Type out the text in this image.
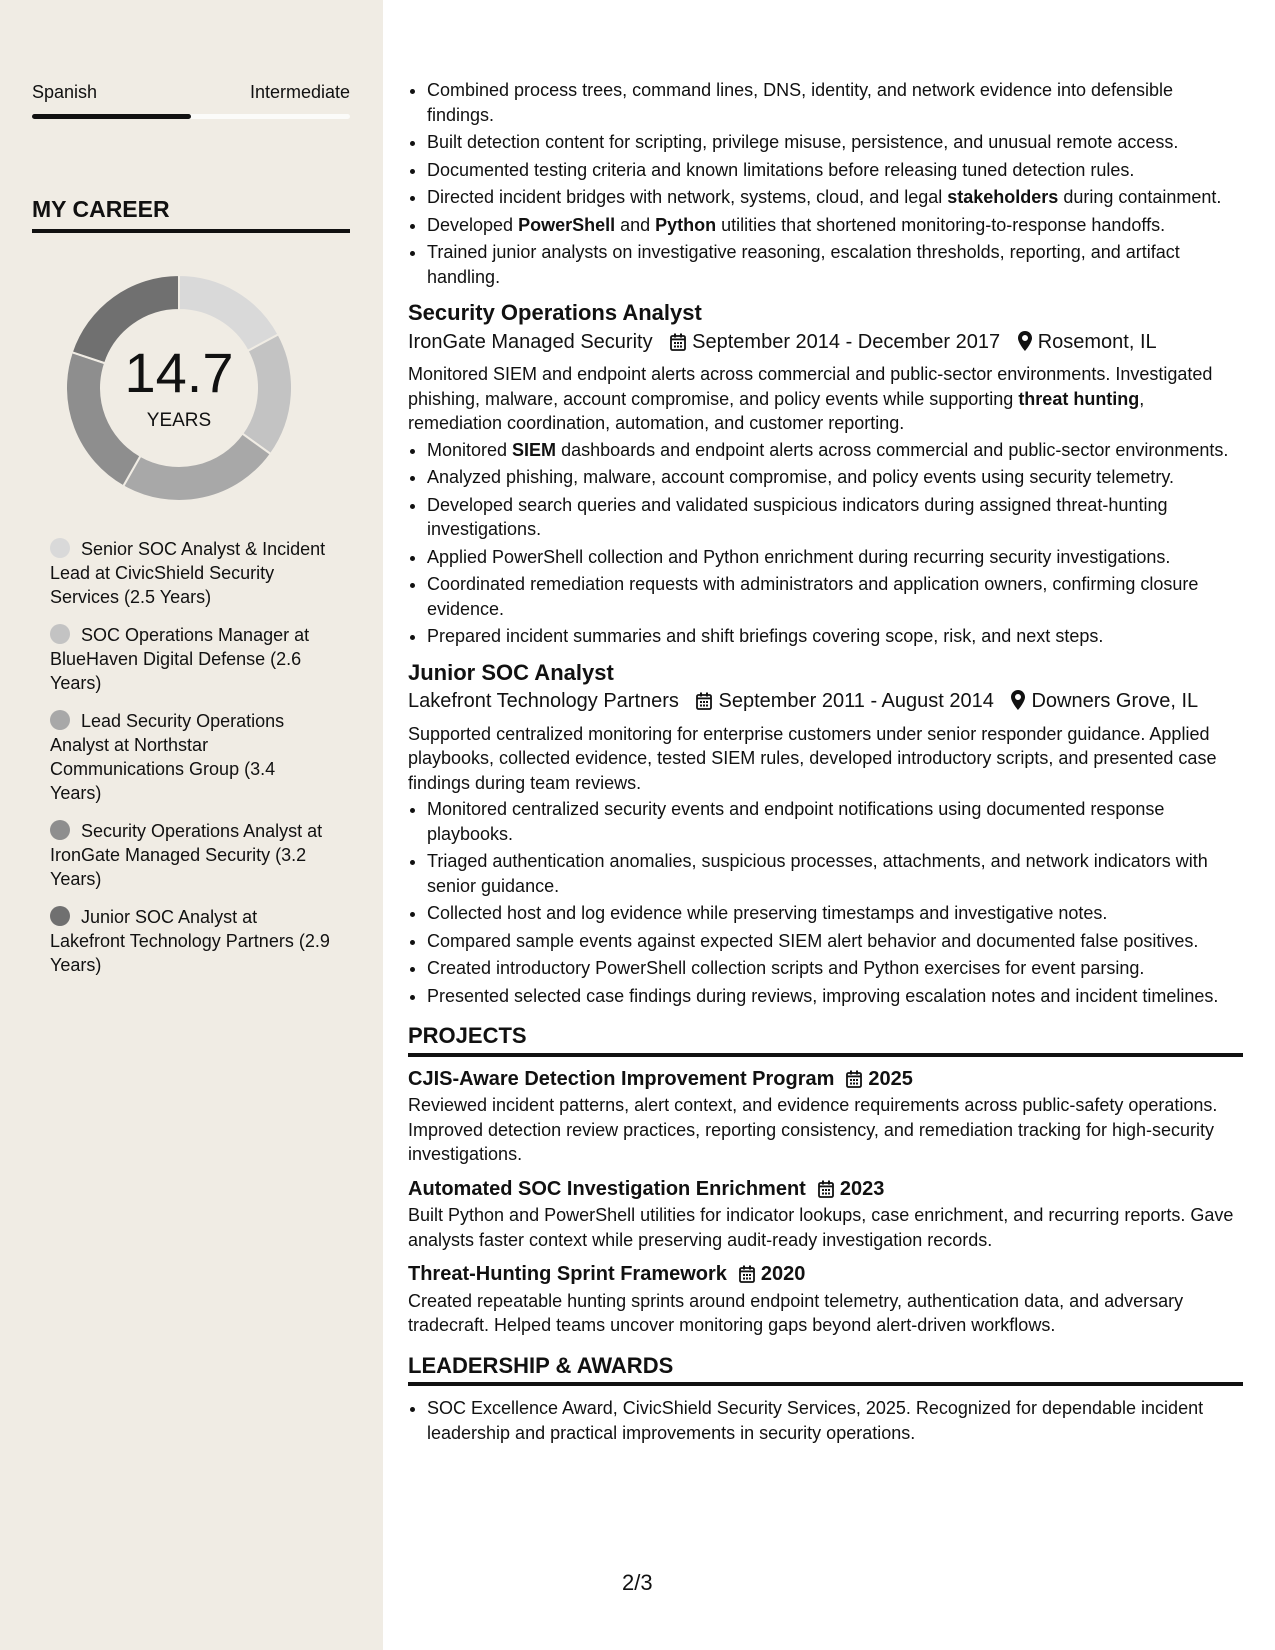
Spanish	Intermediate
MY CAREER
14.7
YEARS
Senior SOC Analyst & Incident Lead at CivicShield Security Services (2.5 Years)
SOC Operations Manager at BlueHaven Digital Defense (2.6 Years)
Lead Security Operations Analyst at Northstar Communications Group (3.4 Years)
Security Operations Analyst at IronGate Managed Security (3.2 Years)
Junior SOC Analyst at Lakefront Technology Partners (2.9 Years)
• Combined process trees, command lines, DNS, identity, and network evidence into defensible findings.
• Built detection content for scripting, privilege misuse, persistence, and unusual remote access.
• Documented testing criteria and known limitations before releasing tuned detection rules.
• Directed incident bridges with network, systems, cloud, and legal stakeholders during containment.
• Developed PowerShell and Python utilities that shortened monitoring-to-response handoffs.
• Trained junior analysts on investigative reasoning, escalation thresholds, reporting, and artifact handling.
Security Operations Analyst
IronGate Managed Security September 2014 - December 2017 Rosemont, IL
Monitored SIEM and endpoint alerts across commercial and public-sector environments. Investigated phishing, malware, account compromise, and policy events while supporting threat hunting, remediation coordination, automation, and customer reporting.
• Monitored SIEM dashboards and endpoint alerts across commercial and public-sector environments.
• Analyzed phishing, malware, account compromise, and policy events using security telemetry.
• Developed search queries and validated suspicious indicators during assigned threat-hunting investigations.
• Applied PowerShell collection and Python enrichment during recurring security investigations.
• Coordinated remediation requests with administrators and application owners, confirming closure evidence.
• Prepared incident summaries and shift briefings covering scope, risk, and next steps.
Junior SOC Analyst
Lakefront Technology Partners September 2011 - August 2014 Downers Grove, IL
Supported centralized monitoring for enterprise customers under senior responder guidance. Applied playbooks, collected evidence, tested SIEM rules, developed introductory scripts, and presented case findings during team reviews.
• Monitored centralized security events and endpoint notifications using documented response playbooks.
• Triaged authentication anomalies, suspicious processes, attachments, and network indicators with senior guidance.
• Collected host and log evidence while preserving timestamps and investigative notes.
• Compared sample events against expected SIEM alert behavior and documented false positives.
• Created introductory PowerShell collection scripts and Python exercises for event parsing.
• Presented selected case findings during reviews, improving escalation notes and incident timelines.
PROJECTS
CJIS-Aware Detection Improvement Program 2025
Reviewed incident patterns, alert context, and evidence requirements across public-safety operations. Improved detection review practices, reporting consistency, and remediation tracking for high-security investigations.
Automated SOC Investigation Enrichment 2023
Built Python and PowerShell utilities for indicator lookups, case enrichment, and recurring reports. Gave analysts faster context while preserving audit-ready investigation records.
Threat-Hunting Sprint Framework 2020
Created repeatable hunting sprints around endpoint telemetry, authentication data, and adversary tradecraft. Helped teams uncover monitoring gaps beyond alert-driven workflows.
LEADERSHIP & AWARDS
• SOC Excellence Award, CivicShield Security Services, 2025. Recognized for dependable incident leadership and practical improvements in security operations.
2/3
